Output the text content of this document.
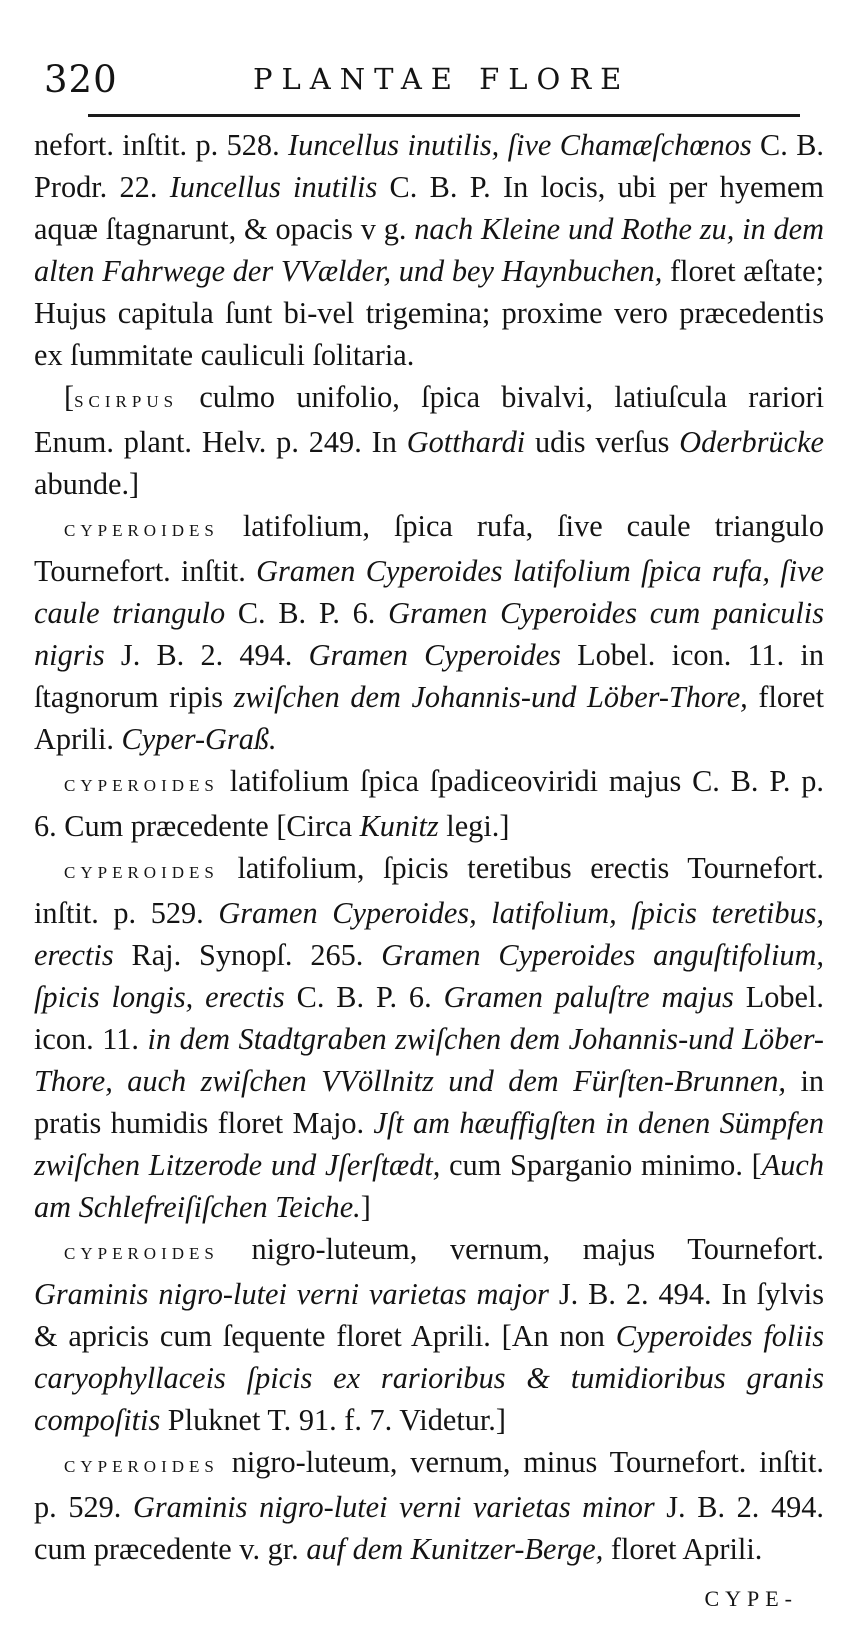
320	PLANTAE FLORE

nefort. inſtit. p. 528. Iuncellus inutilis, ſive Chamæſchœnos C. B. Prodr. 22. Iuncellus inutilis C. B. P. In locis, ubi per hyemem aquæ ſtagnarunt, & opacis v g. nach Kleine und Rothe zu, in dem alten Fahrwege der VVælder, und bey Haynbuchen, floret æſtate; Hujus capitula ſunt bi-vel trigemina; proxime vero præcedentis ex ſummitate cauliculi ſolitaria.

[scirpus culmo unifolio, ſpica bivalvi, latiuſcula rariori Enum. plant. Helv. p. 249. In Gotthardi udis verſus Oderbrücke abunde.]

cyperoides latifolium, ſpica rufa, ſive caule triangulo Tournefort. inſtit. Gramen Cyperoides latifolium ſpica rufa, ſive caule triangulo C. B. P. 6. Gramen Cyperoides cum paniculis nigris J. B. 2. 494. Gramen Cyperoides Lobel. icon. 11. in ſtagnorum ripis zwiſchen dem Johannis-und Löber-Thore, floret Aprili. Cyper-Graß.

cyperoides latifolium ſpica ſpadiceoviridi majus C. B. P. p. 6. Cum præcedente [Circa Kunitz legi.]

cyperoides latifolium, ſpicis teretibus erectis Tournefort. inſtit. p. 529. Gramen Cyperoides, latifolium, ſpicis teretibus, erectis Raj. Synopſ. 265. Gramen Cyperoides anguſtifolium, ſpicis longis, erectis C. B. P. 6. Gramen paluſtre majus Lobel. icon. 11. in dem Stadtgraben zwiſchen dem Johannis-und Löber-Thore, auch zwiſchen VVöllnitz und dem Fürſten-Brunnen, in pratis humidis floret Majo. Jſt am hæuffigſten in denen Sümpfen zwiſchen Litzerode und Jſerſtædt, cum Sparganio minimo. [Auch am Schlefreiſiſchen Teiche.]

cyperoides nigro-luteum, vernum, majus Tournefort. Graminis nigro-lutei verni varietas major J. B. 2. 494. In ſylvis & apricis cum ſequente floret Aprili. [An non Cyperoides foliis caryophyllaceis ſpicis ex rarioribus & tumidioribus granis compoſitis Pluknet T. 91. f. 7. Videtur.]

cyperoides nigro-luteum, vernum, minus Tournefort. inſtit. p. 529. Graminis nigro-lutei verni varietas minor J. B. 2. 494. cum præcedente v. gr. auf dem Kunitzer-Berge, floret Aprili.

CYPE-
